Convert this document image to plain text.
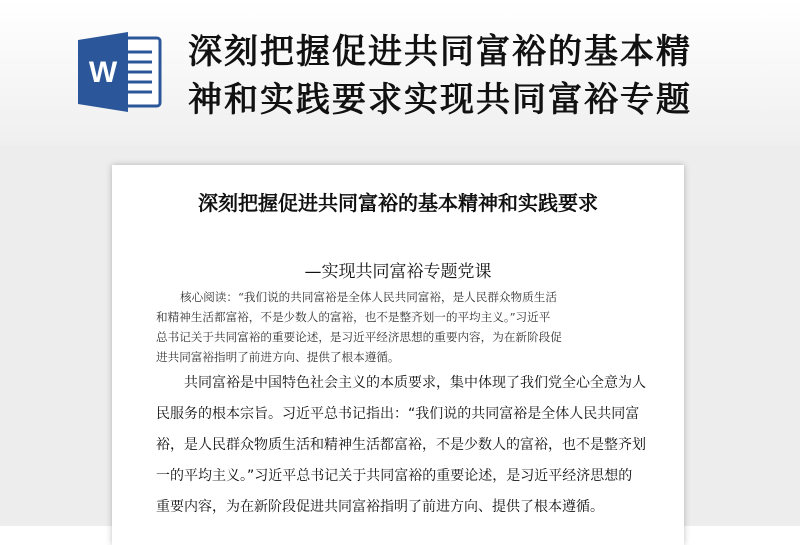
W
深刻把握促进共同富裕的基本精
神和实践要求实现共同富裕专题
深刻把握促进共同富裕的基本精神和实践要求
—实现共同富裕专题党课
核心阅读：“我们说的共同富裕是全体人民共同富裕，是人民群众物质生活
和精神生活都富裕，不是少数人的富裕，也不是整齐划一的平均主义。”习近平
总书记关于共同富裕的重要论述，是习近平经济思想的重要内容，为在新阶段促
进共同富裕指明了前进方向、提供了根本遵循。
共同富裕是中国特色社会主义的本质要求，集中体现了我们党全心全意为人
民服务的根本宗旨。习近平总书记指出：“我们说的共同富裕是全体人民共同富
裕，是人民群众物质生活和精神生活都富裕，不是少数人的富裕，也不是整齐划
一的平均主义。”习近平总书记关于共同富裕的重要论述，是习近平经济思想的
重要内容，为在新阶段促进共同富裕指明了前进方向、提供了根本遵循。
